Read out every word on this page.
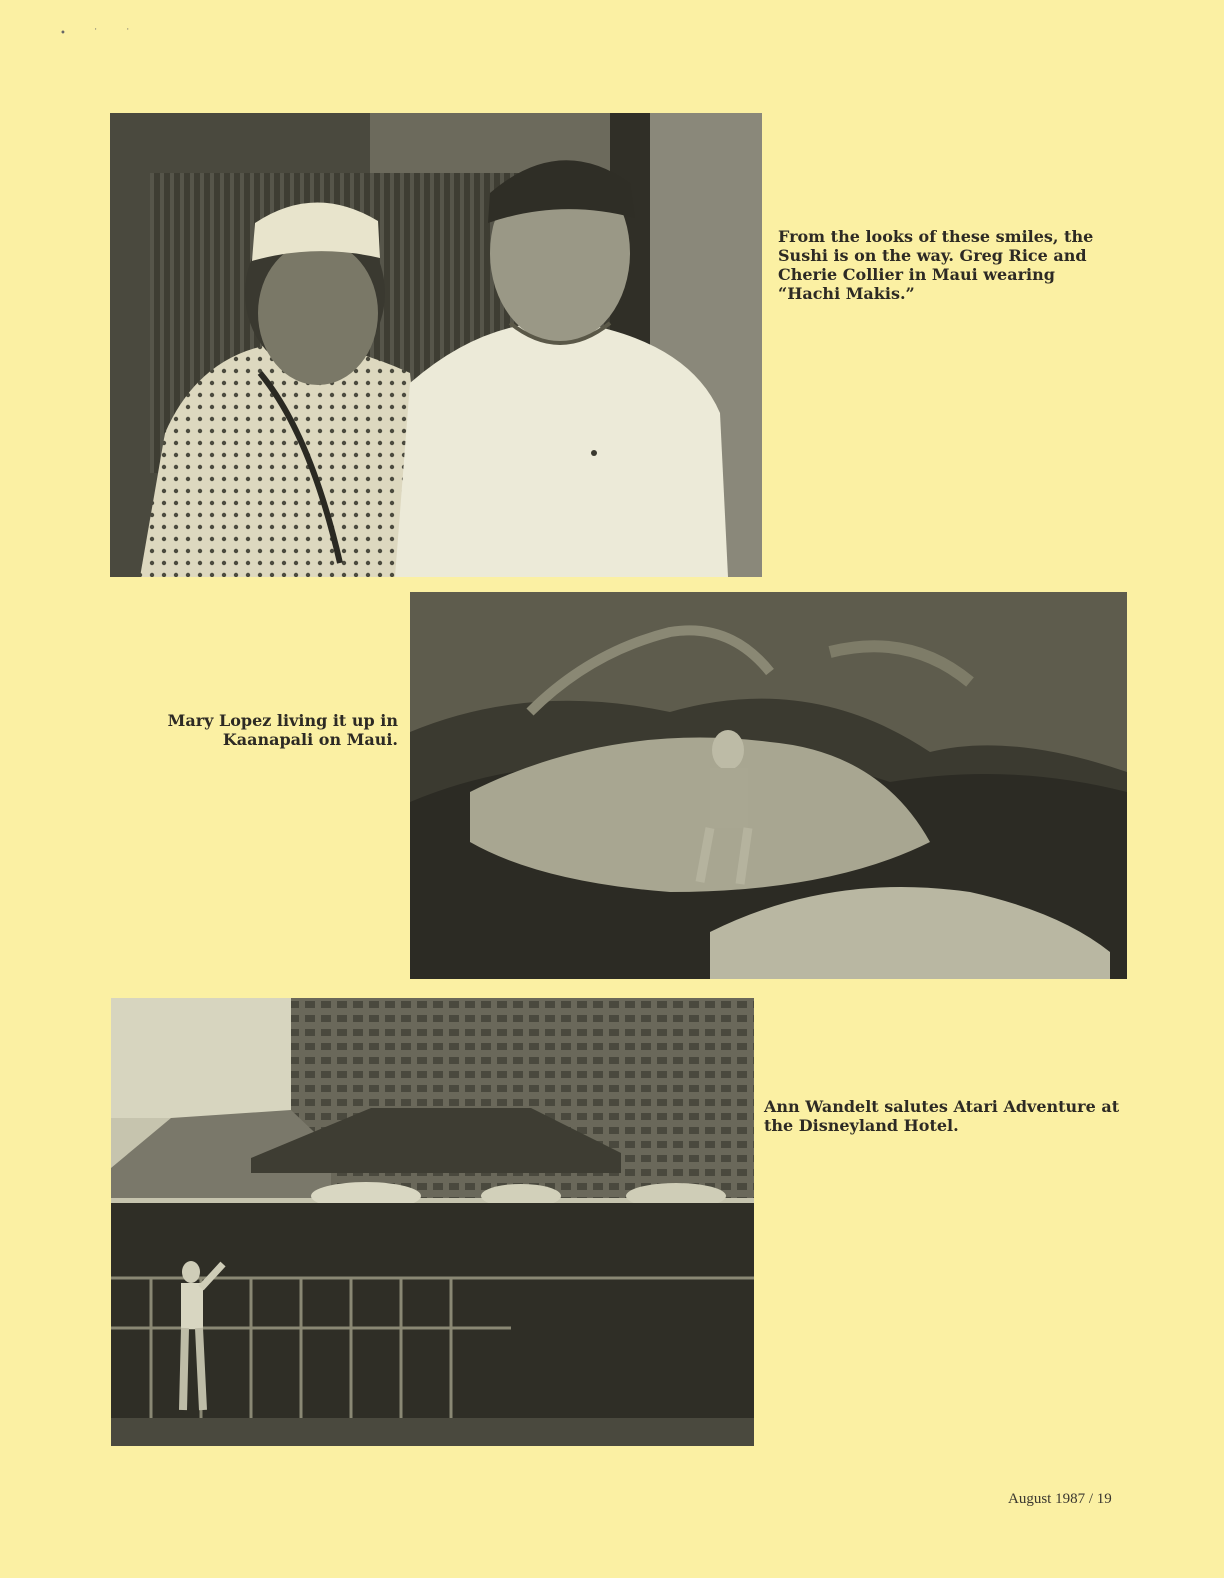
• ˙ ˙

From the looks of these smiles, the Sushi is on the way. Greg Rice and Cherie Collier in Maui wearing “Hachi Makis.”

Mary Lopez living it up in Kaanapali on Maui.

Ann Wandelt salutes Atari Adventure at the Disneyland Hotel.

August 1987 / 19
